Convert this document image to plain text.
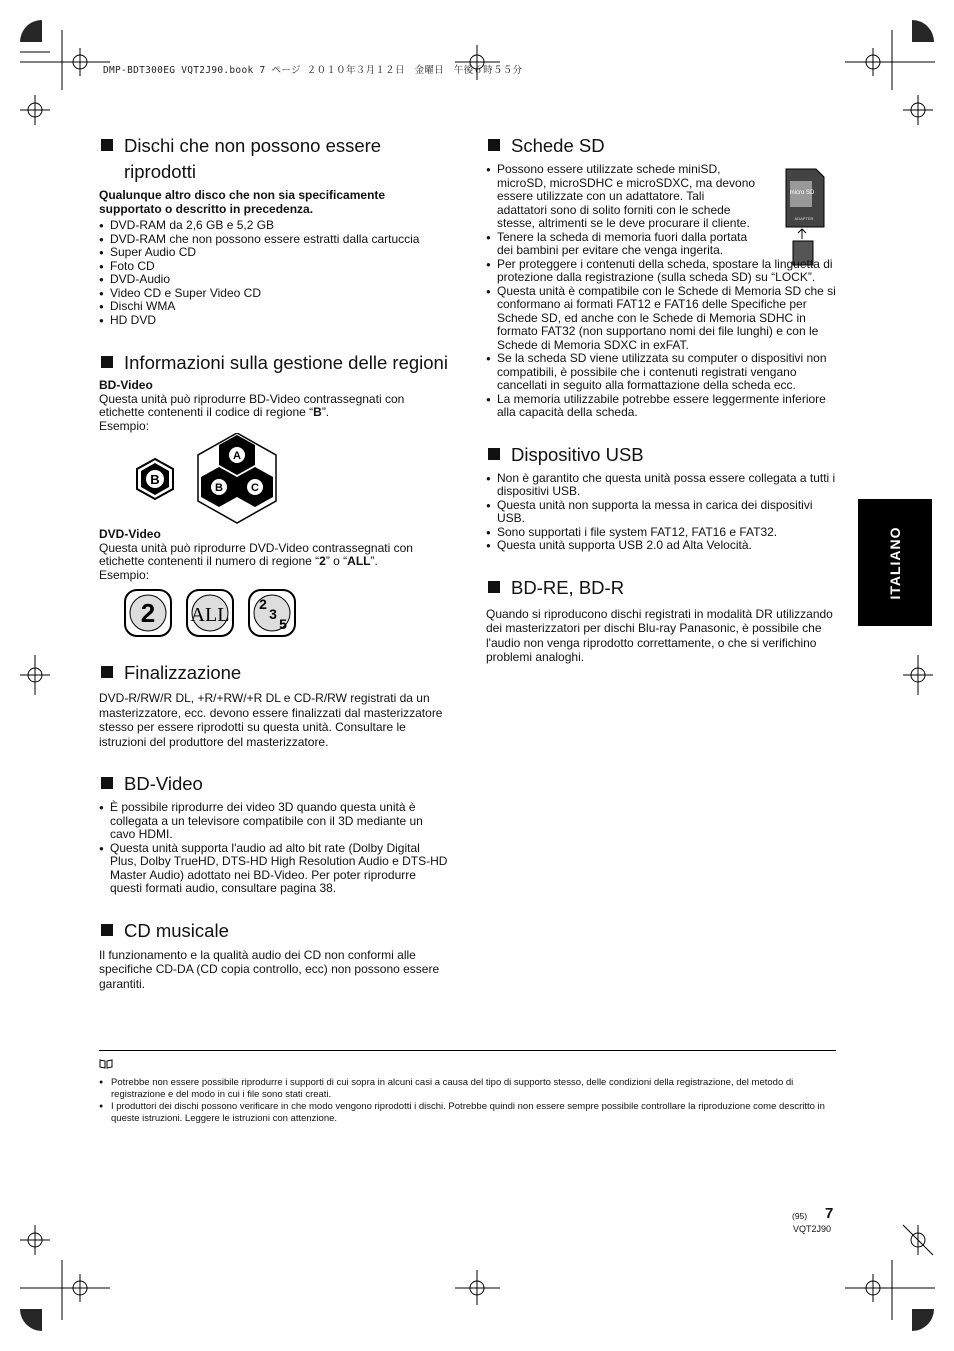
DMP-BDT300EG VQT2J90.book 7 ページ ２０１０年３月１２日　金曜日　午後６時５５分
ITALIANO
Dischi che non possono essere riprodotti

Qualunque altro disco che non sia specificamente supportato o descritto in precedenza.

● DVD-RAM da 2,6 GB e 5,2 GB
● DVD-RAM che non possono essere estratti dalla cartuccia
● Super Audio CD
● Foto CD
● DVD-Audio
● Video CD e Super Video CD
● Dischi WMA
● HD DVD
Informazioni sulla gestione delle regioni

BD-Video

Questa unità può riprodurre BD-Video contrassegnati con etichette contenenti il codice di regione “B”.

Esempio:

B
A
B	C

DVD-Video

Questa unità può riprodurre DVD-Video contrassegnati con etichette contenenti il numero di regione “2” o “ALL”.

Esempio:

2 ALL 2
3
5
Finalizzazione

DVD-R/RW/R DL, +R/+RW/+R DL e CD-R/RW registrati da un masterizzatore, ecc. devono essere finalizzati dal masterizzatore stesso per essere riprodotti su questa unità. Consultare le istruzioni del produttore del masterizzatore.

BD-Video
● È possibile riprodurre dei video 3D quando questa unità è collegata a un televisore compatibile con il 3D mediante un cavo HDMI.
● Questa unità supporta l'audio ad alto bit rate (Dolby Digital Plus, Dolby TrueHD, DTS-HD High Resolution Audio e DTS-HD Master Audio) adottato nei BD-Video. Per poter riprodurre questi formati audio, consultare pagina 38.
CD musicale

Il funzionamento e la qualità audio dei CD non conformi alle specifiche CD-DA (CD copia controllo, ecc) non possono essere garantiti.

Schede SD
micro SD
ADAPTER
● Possono essere utilizzate schede miniSD, microSD, microSDHC e microSDXC, ma devono essere utilizzate con un adattatore. Tali adattatori sono di solito forniti con le schede stesse, altrimenti se le deve procurare il cliente.
● Tenere la scheda di memoria fuori dalla portata dei bambini per evitare che venga ingerita.
● Per proteggere i contenuti della scheda, spostare la linguetta di protezione dalla registrazione (sulla scheda SD) su “LOCK”.
● Questa unità è compatibile con le Schede di Memoria SD che si conformano ai formati FAT12 e FAT16 delle Specifiche per Schede SD, ed anche con le Schede di Memoria SDHC in formato FAT32 (non supportano nomi dei file lunghi) e con le Schede di Memoria SDXC in exFAT.
● Se la scheda SD viene utilizzata su computer o dispositivi non compatibili, è possibile che i contenuti registrati vengano cancellati in seguito alla formattazione della scheda ecc.
● La memoria utilizzabile potrebbe essere leggermente inferiore alla capacità della scheda.
Dispositivo USB
● Non è garantito che questa unità possa essere collegata a tutti i dispositivi USB.
● Questa unità non supporta la messa in carica dei dispositivi USB.
● Sono supportati i file system FAT12, FAT16 e FAT32.
● Questa unità supporta USB 2.0 ad Alta Velocità.
BD-RE, BD-R

Quando si riproducono dischi registrati in modalità DR utilizzando dei masterizzatori per dischi Blu-ray Panasonic, è possibile che l'audio non venga riprodotto correttamente, o che si verifichino problemi analoghi.

● Potrebbe non essere possibile riprodurre i supporti di cui sopra in alcuni casi a causa del tipo di supporto stesso, delle condizioni della registrazione, del metodo di registrazione e del modo in cui i file sono stati creati.
● I produttori dei dischi possono verificare in che modo vengono riprodotti i dischi. Potrebbe quindi non essere sempre possibile controllare la riproduzione come descritto in queste istruzioni. Leggere le istruzioni con attenzione.
(95) 7
VQT2J90
